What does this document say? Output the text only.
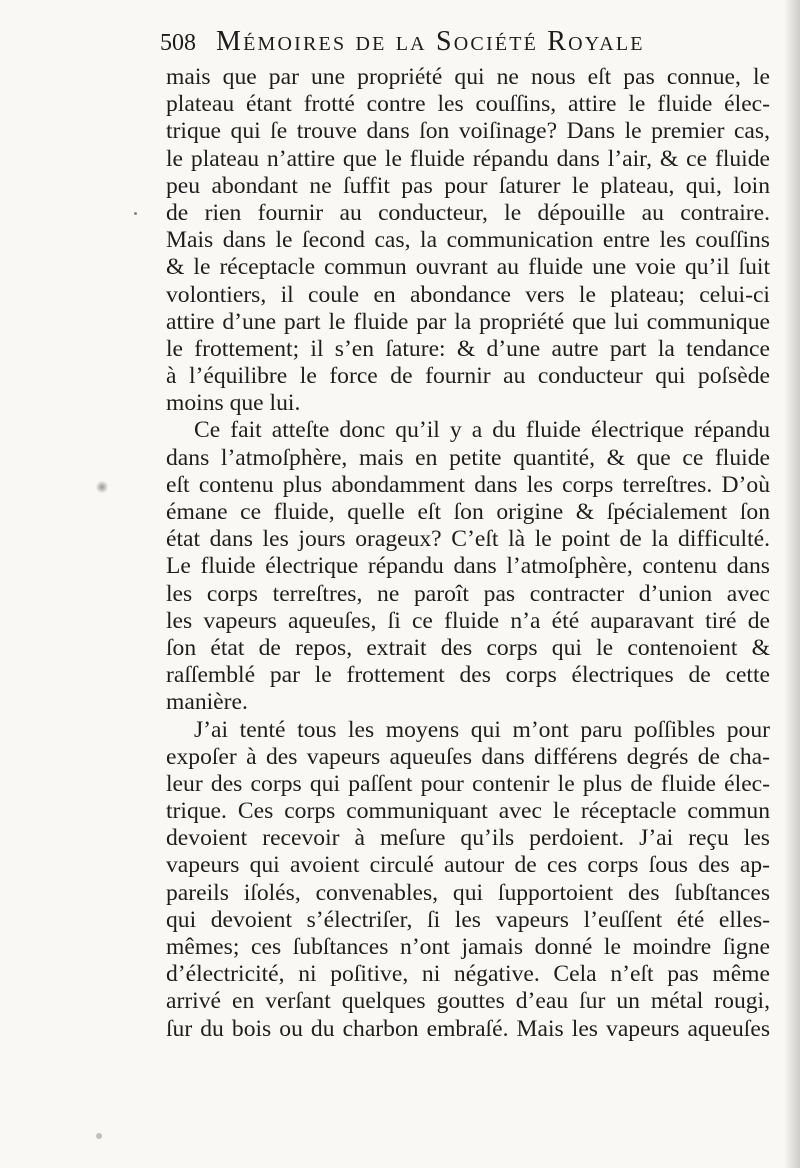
508 Mémoires de la Société Royale
mais que par une propriété qui ne nous eſt pas connue, le
plateau étant frotté contre les couſſins, attire le fluide élec-
trique qui ſe trouve dans ſon voiſinage? Dans le premier cas,
le plateau n’attire que le fluide répandu dans l’air, & ce fluide
peu abondant ne ſuffit pas pour ſaturer le plateau, qui, loin
de rien fournir au conducteur, le dépouille au contraire.
Mais dans le ſecond cas, la communication entre les couſſins
& le réceptacle commun ouvrant au fluide une voie qu’il ſuit
volontiers, il coule en abondance vers le plateau; celui-ci
attire d’une part le fluide par la propriété que lui communique
le frottement; il s’en ſature: & d’une autre part la tendance
à l’équilibre le force de fournir au conducteur qui poſsède
moins que lui.
Ce fait atteſte donc qu’il y a du fluide électrique répandu
dans l’atmoſphère, mais en petite quantité, & que ce fluide
eſt contenu plus abondamment dans les corps terreſtres. D’où
émane ce fluide, quelle eſt ſon origine & ſpécialement ſon
état dans les jours orageux? C’eſt là le point de la difficulté.
Le fluide électrique répandu dans l’atmoſphère, contenu dans
les corps terreſtres, ne paroît pas contracter d’union avec
les vapeurs aqueuſes, ſi ce fluide n’a été auparavant tiré de
ſon état de repos, extrait des corps qui le contenoient &
raſſemblé par le frottement des corps électriques de cette
manière.
J’ai tenté tous les moyens qui m’ont paru poſſibles pour
expoſer à des vapeurs aqueuſes dans différens degrés de cha-
leur des corps qui paſſent pour contenir le plus de fluide élec-
trique. Ces corps communiquant avec le réceptacle commun
devoient recevoir à meſure qu’ils perdoient. J’ai reçu les
vapeurs qui avoient circulé autour de ces corps ſous des ap-
pareils iſolés, convenables, qui ſupportoient des ſubſtances
qui devoient s’électriſer, ſi les vapeurs l’euſſent été elles-
mêmes; ces ſubſtances n’ont jamais donné le moindre ſigne
d’électricité, ni poſitive, ni négative. Cela n’eſt pas même
arrivé en verſant quelques gouttes d’eau ſur un métal rougi,
ſur du bois ou du charbon embraſé. Mais les vapeurs aqueuſes
